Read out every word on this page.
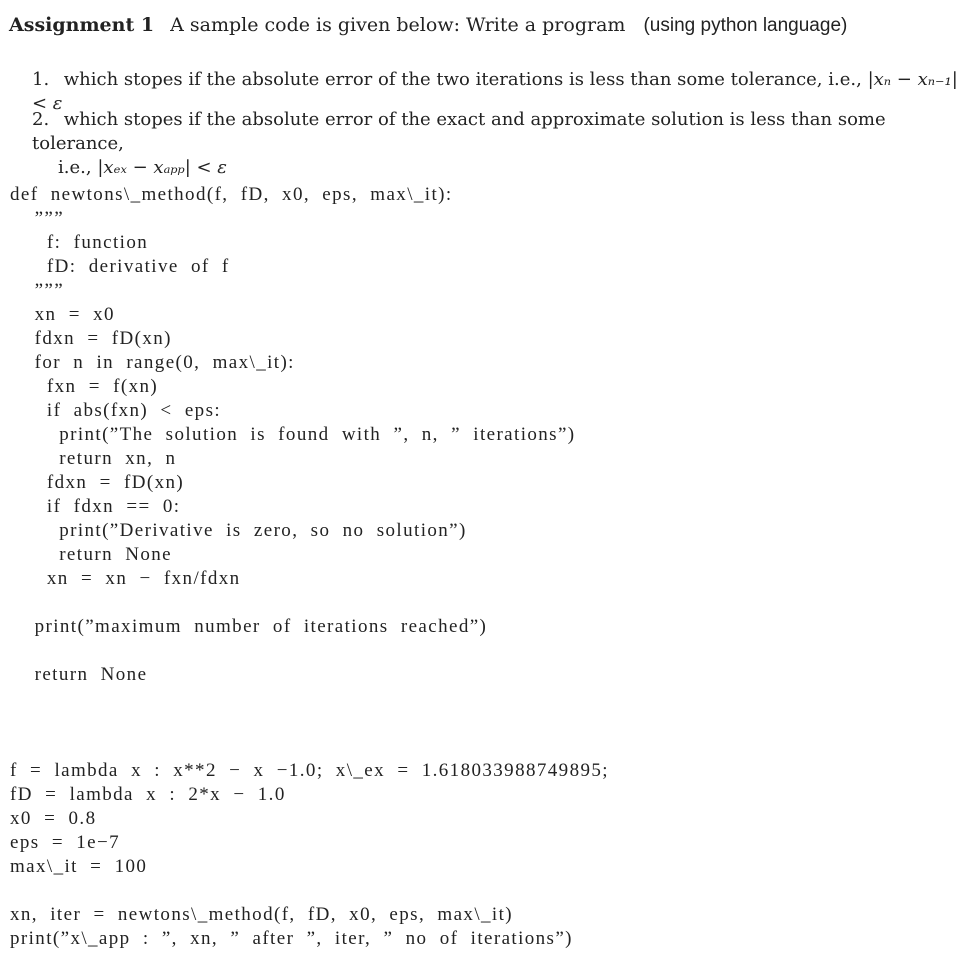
Assignment 1 A sample code is given below: Write a program (using python language)
1. which stopes if the absolute error of the two iterations is less than some tolerance, i.e., |xₙ − xₙ₋₁| < ε
2. which stopes if the absolute error of the exact and approximate solution is less than some tolerance,
i.e., |xₑₓ − xₐₚₚ| < ε
def  newtons\_method(f,  fD,  x0,  eps,  max\_it):
”””
f:  function
fD:  derivative  of  f
”””
xn  =  x0
fdxn  =  fD(xn)
for  n  in  range(0,  max\_it):
fxn  =  f(xn)
if  abs(fxn)  <  eps:
print(”The  solution  is  found  with  ”,  n,  ”  iterations”)
return  xn,  n
fdxn  =  fD(xn)
if  fdxn  ==  0:
print(”Derivative  is  zero,  so  no  solution”)
return  None
xn  =  xn  −  fxn/fdxn
print(”maximum  number  of  iterations  reached”)
return  None
f  =  lambda  x  :  x**2  −  x  −1.0;  x\_ex  =  1.618033988749895;
fD  =  lambda  x  :  2*x  −  1.0
x0  =  0.8
eps  =  1e−7
max\_it  =  100
xn,  iter  =  newtons\_method(f,  fD,  x0,  eps,  max\_it)
print(”x\_app  :  ”,  xn,  ”  after  ”,  iter,  ”  no  of  iterations”)
